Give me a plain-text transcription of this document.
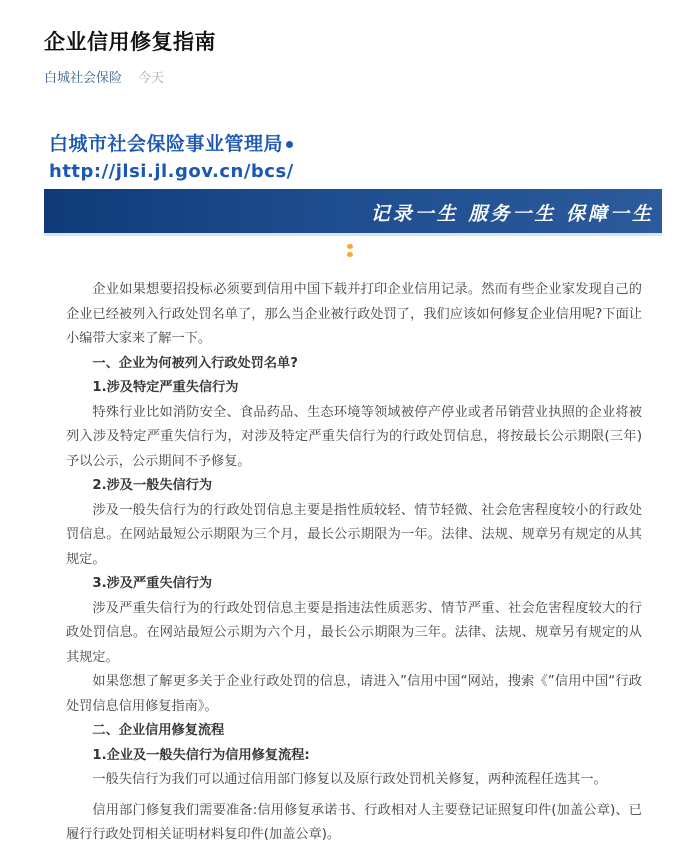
企业信用修复指南
白城社会保险 今天
白城市社会保险事业管理局
http://jlsi.jl.gov.cn/bcs/
记录一生 服务一生 保障一生

企业如果想要招投标必须要到信用中国下载并打印企业信用记录。然而有些企业家发现自己的企业已经被列入行政处罚名单了，那么当企业被行政处罚了，我们应该如何修复企业信用呢?下面让小编带大家来了解一下。

一、企业为何被列入行政处罚名单?

1.涉及特定严重失信行为

特殊行业比如消防安全、食品药品、生态环境等领域被停产停业或者吊销营业执照的企业将被列入涉及特定严重失信行为，对涉及特定严重失信行为的行政处罚信息，将按最长公示期限(三年)予以公示，公示期间不予修复。

2.涉及一般失信行为

涉及一般失信行为的行政处罚信息主要是指性质较轻、情节轻微、社会危害程度较小的行政处罚信息。在网站最短公示期限为三个月，最长公示期限为一年。法律、法规、规章另有规定的从其规定。

3.涉及严重失信行为

涉及严重失信行为的行政处罚信息主要是指违法性质恶劣、情节严重、社会危害程度较大的行政处罚信息。在网站最短公示期为六个月，最长公示期限为三年。法律、法规、规章另有规定的从其规定。

如果您想了解更多关于企业行政处罚的信息，请进入”信用中国“网站，搜索《”信用中国“行政处罚信息信用修复指南》。

二、企业信用修复流程

1.企业及一般失信行为信用修复流程:

一般失信行为我们可以通过信用部门修复以及原行政处罚机关修复，两种流程任选其一。

信用部门修复我们需要准备:信用修复承诺书、行政相对人主要登记证照复印件(加盖公章)、已履行行政处罚相关证明材料复印件(加盖公章)。
